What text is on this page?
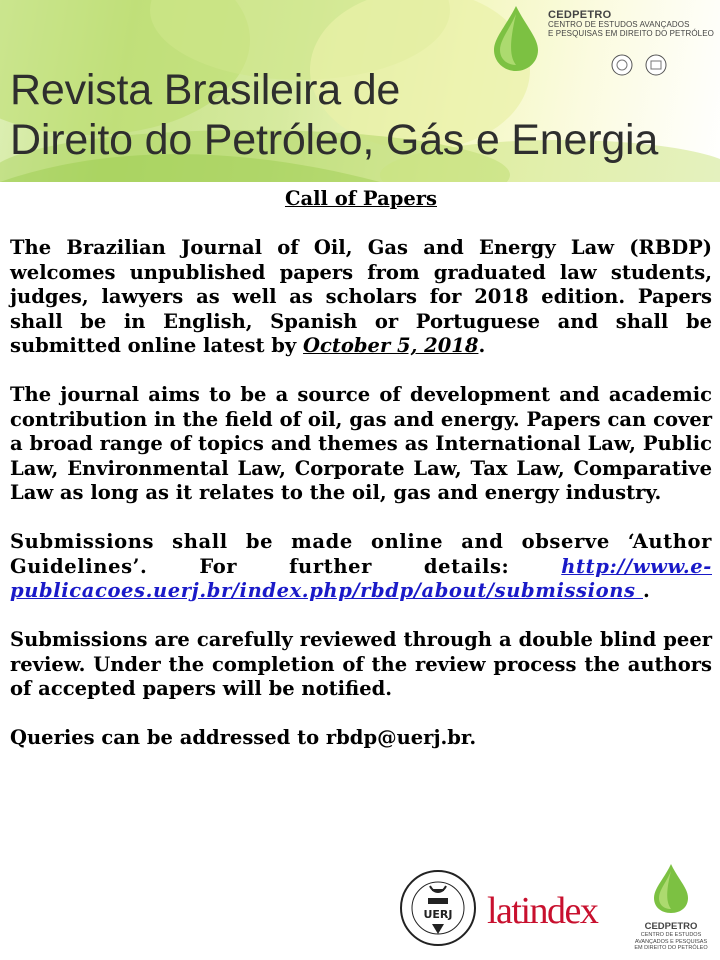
CEDPETRO
CENTRO DE ESTUDOS AVANÇADOS
E PESQUISAS EM DIREITO DO PETRÓLEO
Revista Brasileira de
Direito do Petróleo, Gás e Energia
Call of Papers

The Brazilian Journal of Oil, Gas and Energy Law (RBDP) welcomes unpublished papers from graduated law students, judges, lawyers as well as scholars for 2018 edition. Papers shall be in English, Spanish or Portuguese and shall be submitted online latest by October 5, 2018.

The journal aims to be a source of development and academic contribution in the field of oil, gas and energy. Papers can cover a broad range of topics and themes as International Law, Public Law, Environmental Law, Corporate Law, Tax Law, Comparative Law as long as it relates to the oil, gas and energy industry.

Submissions shall be made online and observe ‘Author Guidelines’. For further details: http://www.e-publicacoes.uerj.br/index.php/rbdp/about/submissions .

Submissions are carefully reviewed through a double blind peer review. Under the completion of the review process the authors of accepted papers will be notified.

Queries can be addressed to rbdp@uerj.br.

UERJ latindex	CEDPETRO
CENTRO DE ESTUDOS AVANÇADOS E PESQUISAS EM DIREITO DO PETRÓLEO
